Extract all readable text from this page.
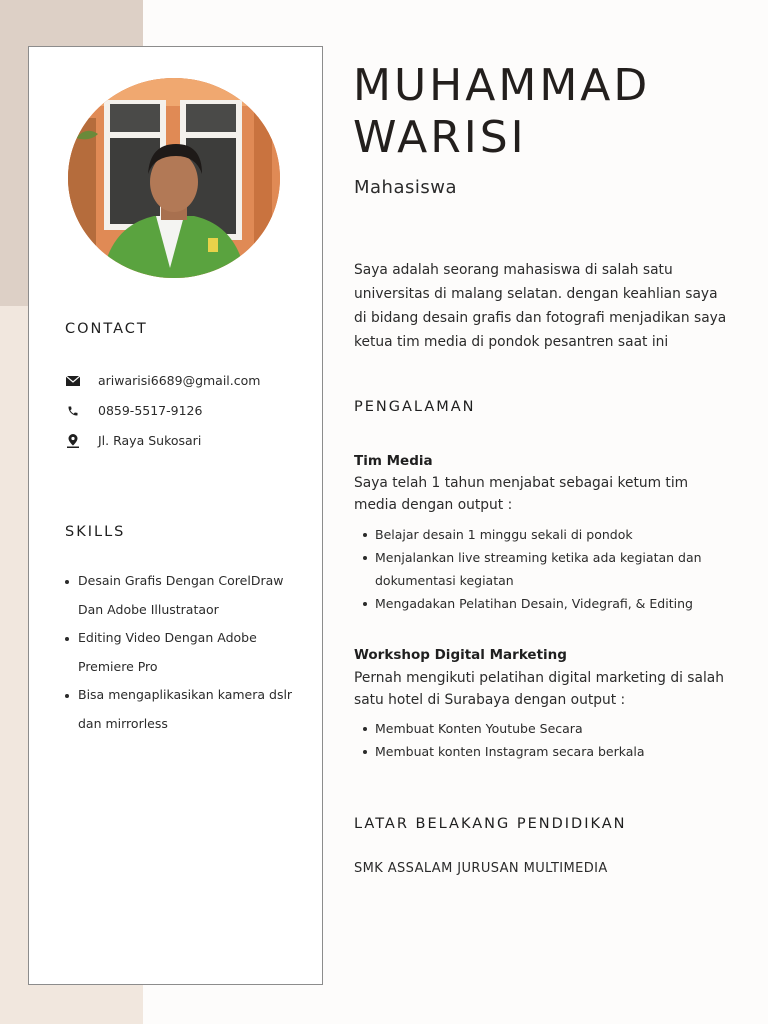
CONTACT
ariwarisi6689@gmail.com
0859-5517-9126
Jl. Raya Sukosari
SKILLS
Desain Grafis Dengan CorelDraw Dan Adobe Illustrataor
Editing Video Dengan Adobe Premiere Pro
Bisa mengaplikasikan kamera dslr dan mirrorless
MUHAMMAD
WARISI
Mahasiswa
Saya adalah seorang mahasiswa di salah satu universitas di malang selatan. dengan keahlian saya di bidang desain grafis dan fotografi menjadikan saya ketua tim media di pondok pesantren saat ini
PENGALAMAN
Tim Media
Saya telah 1 tahun menjabat sebagai ketum tim media dengan output :
Belajar desain 1 minggu sekali di pondok
Menjalankan live streaming ketika ada kegiatan dan dokumentasi kegiatan
Mengadakan Pelatihan Desain, Videgrafi, & Editing
Workshop Digital Marketing
Pernah mengikuti pelatihan digital marketing di salah satu hotel di Surabaya dengan output :
Membuat Konten Youtube Secara
Membuat konten Instagram secara berkala
LATAR BELAKANG PENDIDIKAN
SMK ASSALAM JURUSAN MULTIMEDIA
